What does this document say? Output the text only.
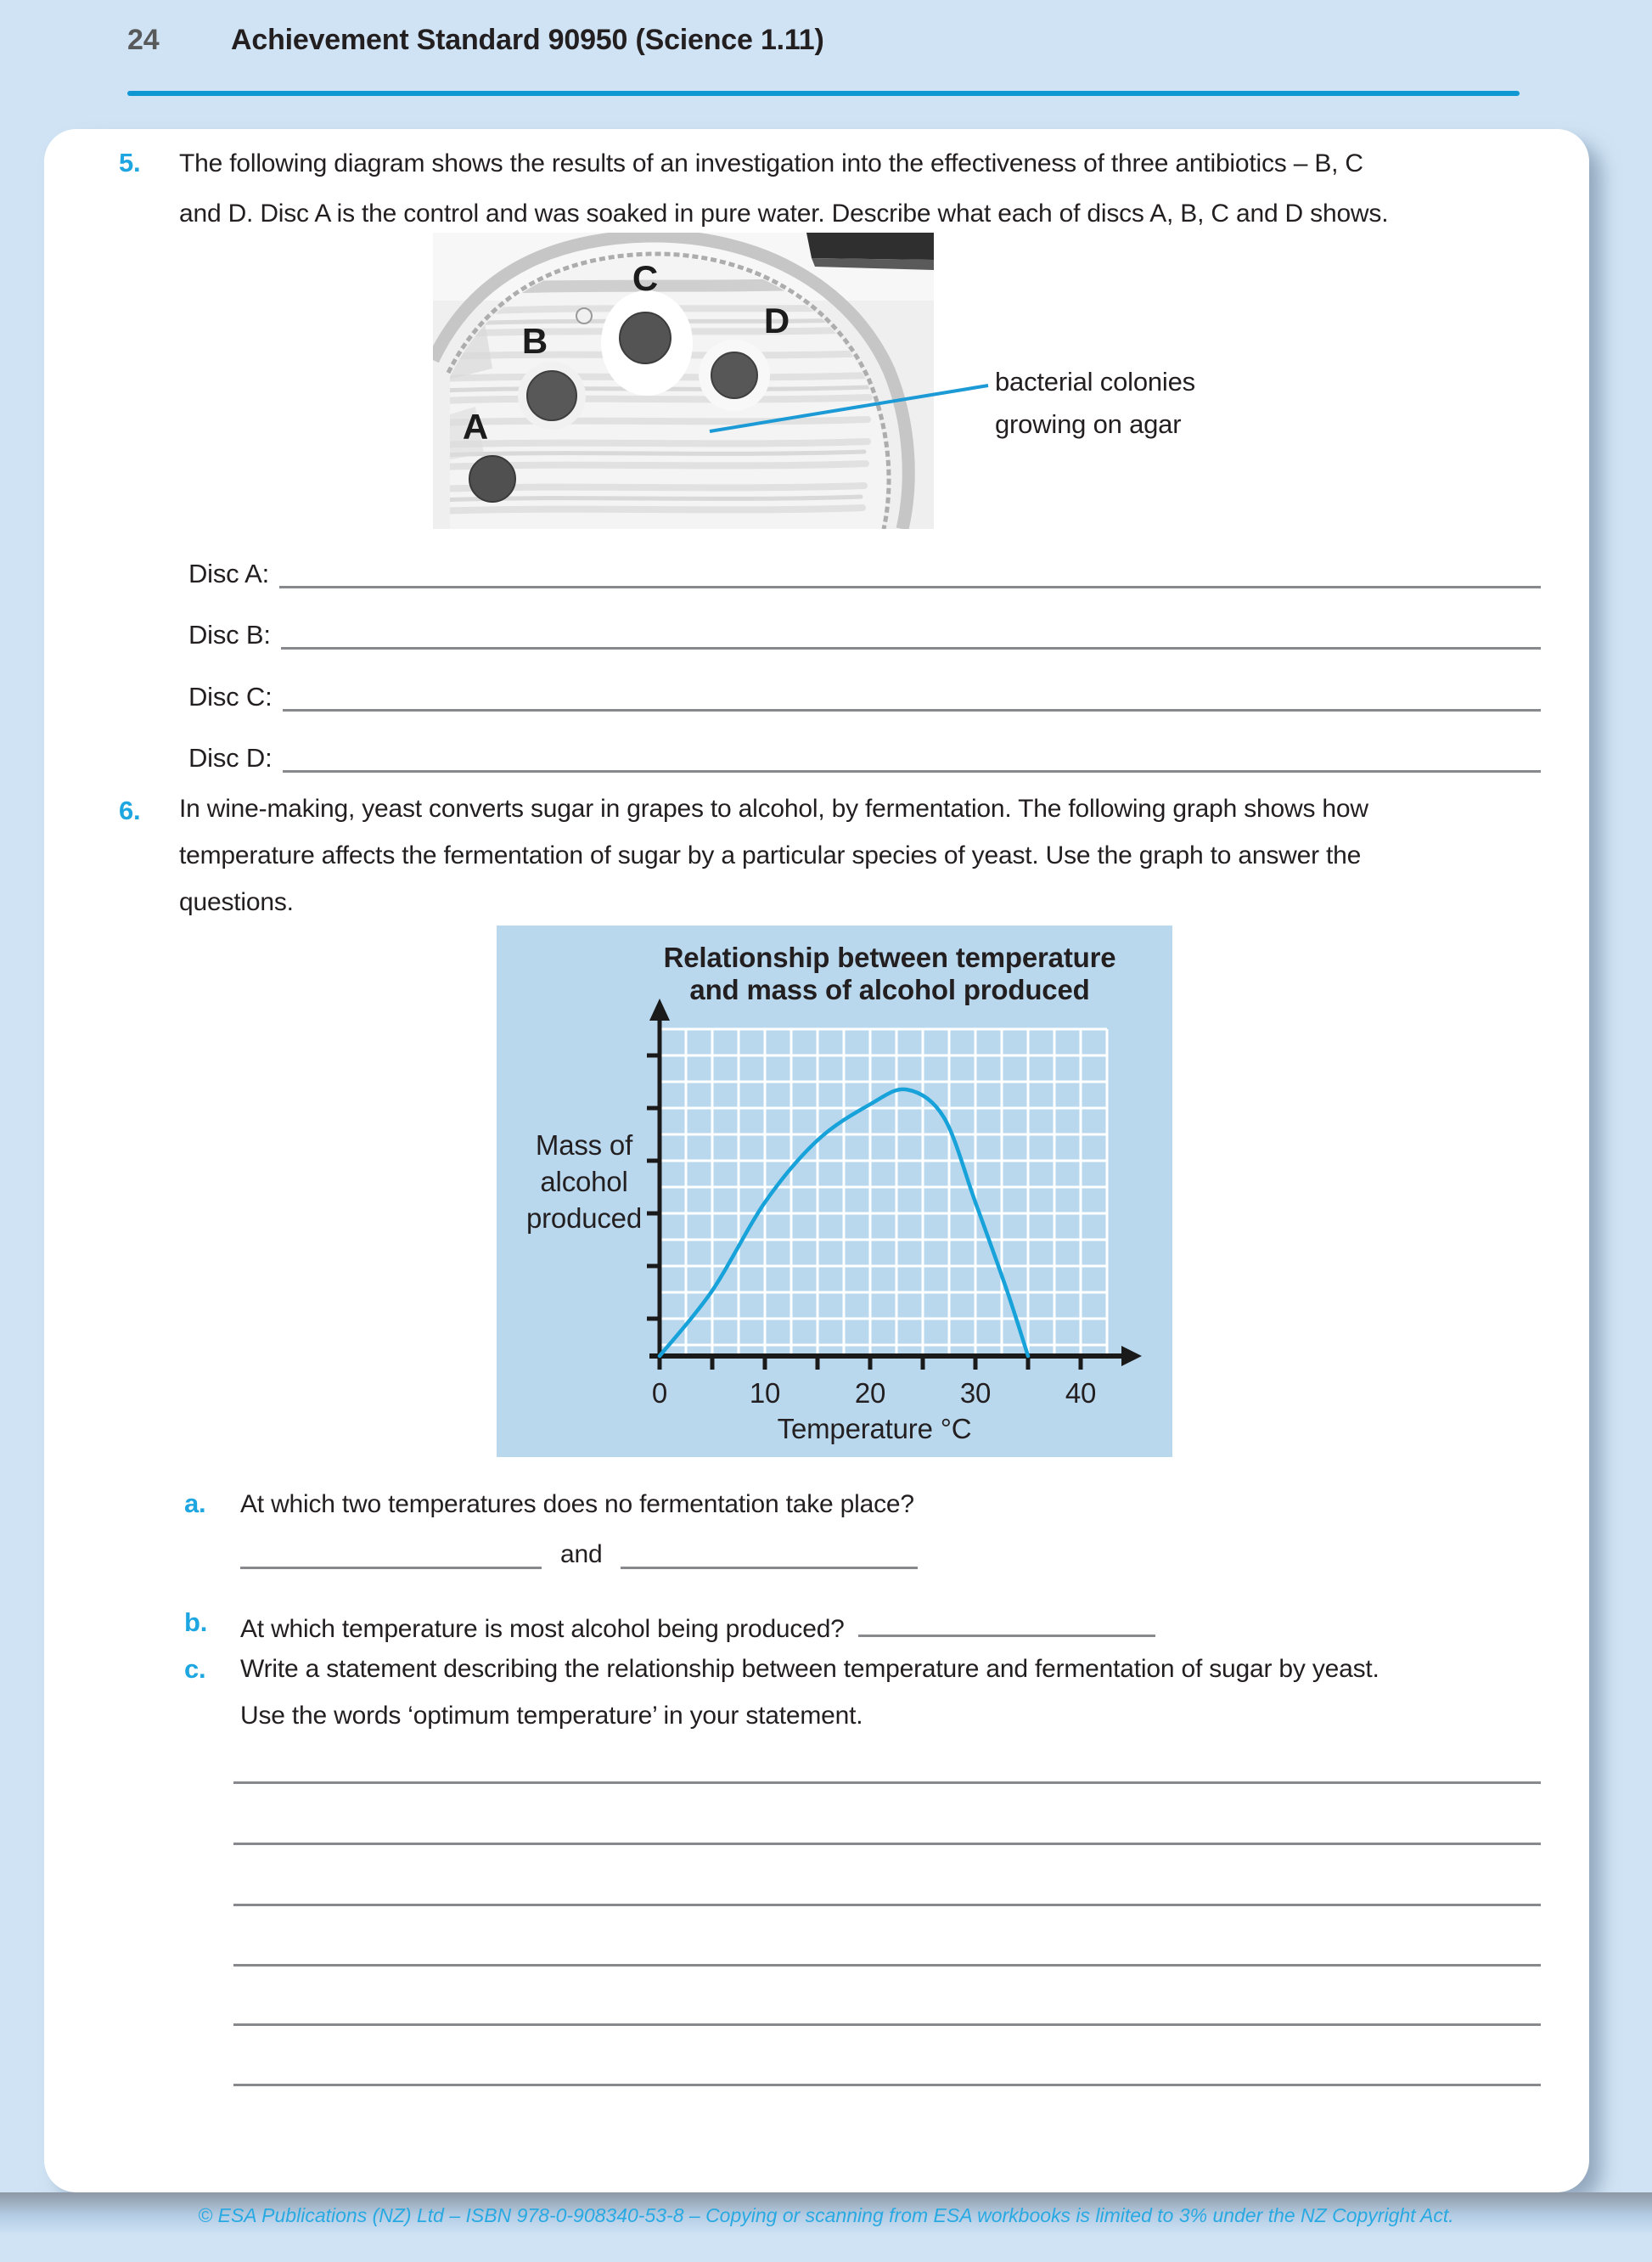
24 Achievement Standard 90950 (Science 1.11)
5. The following diagram shows the results of an investigation into the effectiveness of three antibiotics – B, C
and D. Disc A is the control and was soaked in pure water. Describe what each of discs A, B, C and D shows.
C
B
D
A
bacterial colonies
growing on agar
Disc A:
Disc B:
Disc C:
Disc D:
6. In wine-making, yeast converts sugar in grapes to alcohol, by fermentation. The following graph shows how
temperature affects the fermentation of sugar by a particular species of yeast. Use the graph to answer the
questions.
Relationship between temperature
and mass of alcohol produced
Mass of
alcohol
produced
0	10	20	30	40
Temperature °C
a. At which two temperatures does no fermentation take place?
and
b. At which temperature is most alcohol being produced?
c. Write a statement describing the relationship between temperature and fermentation of sugar by yeast.
Use the words ‘optimum temperature’ in your statement.
© ESA Publications (NZ) Ltd – ISBN 978-0-908340-53-8 – Copying or scanning from ESA workbooks is limited to 3% under the NZ Copyright Act.
